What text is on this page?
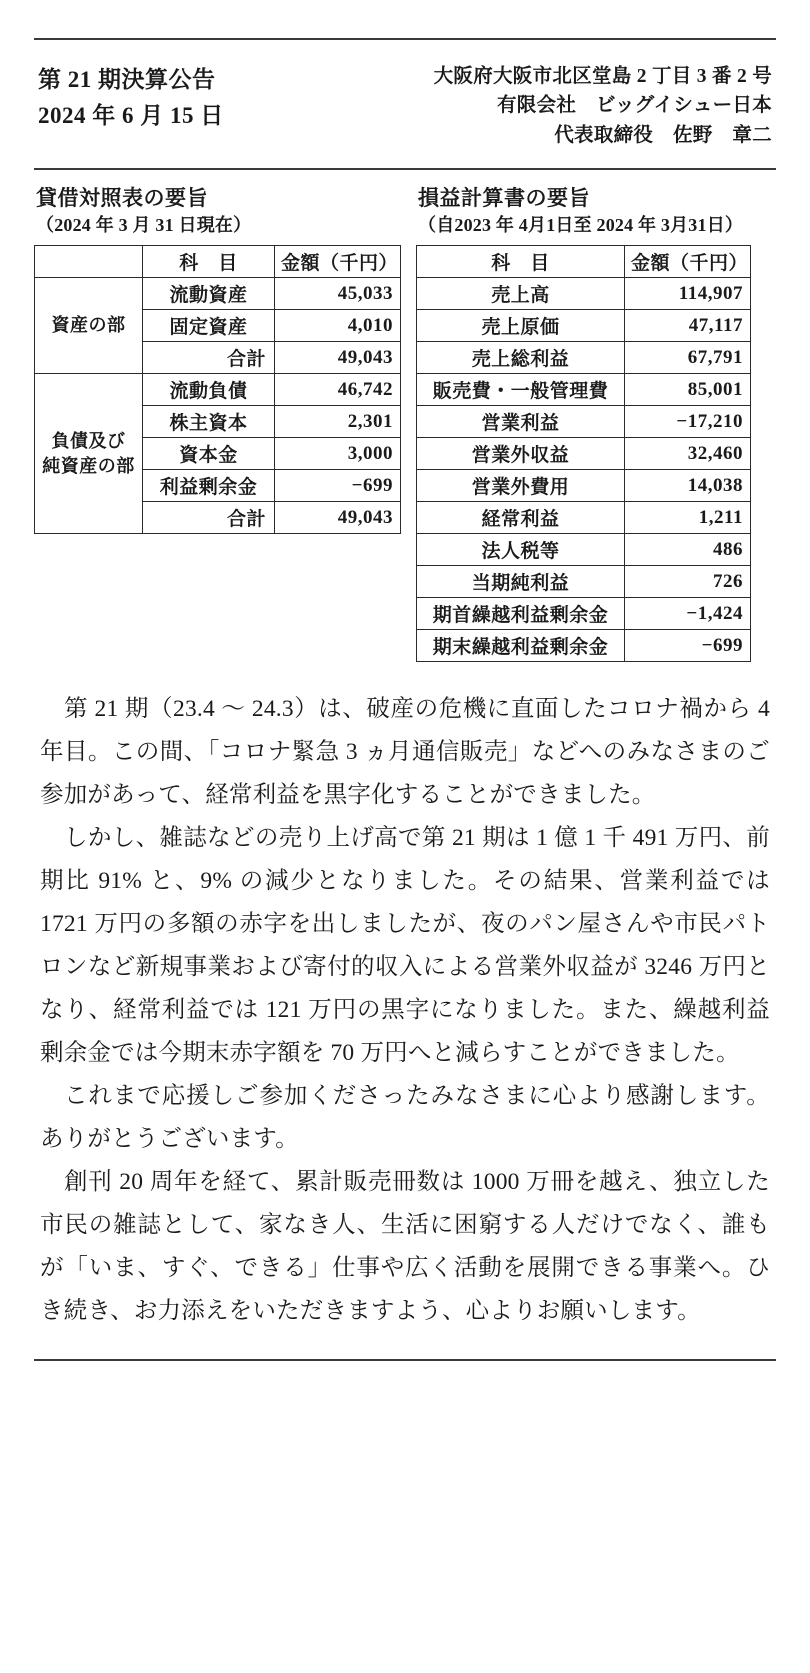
第 21 期決算公告
2024 年 6 月 15 日
大阪府大阪市北区堂島 2 丁目 3 番 2 号
有限会社　ビッグイシュー日本
代表取締役　佐野　章二
貸借対照表の要旨
（2024 年 3 月 31 日現在）
	科　目	金額（千円）
資産の部	流動資産	45,033
	固定資産	4,010
	合計	49,043
負債及び
純資産の部	流動負債	46,742
	株主資本	2,301
	資本金	3,000
	利益剰余金	−699
	合計	49,043
損益計算書の要旨
（自2023 年 4月1日至 2024 年 3月31日）
科　目	金額（千円）
売上高	114,907
売上原価	47,117
売上総利益	67,791
販売費・一般管理費	85,001
営業利益	−17,210
営業外収益	32,460
営業外費用	14,038
経常利益	1,211
法人税等	486
当期純利益	726
期首繰越利益剰余金	−1,424
期末繰越利益剰余金	−699

第 21 期（23.4 〜 24.3）は、破産の危機に直面したコロナ禍から 4 年目。この間、「コロナ緊急 3 ヵ月通信販売」などへのみなさまのご参加があって、経常利益を黒字化することができました。

しかし、雑誌などの売り上げ高で第 21 期は 1 億 1 千 491 万円、前期比 91% と、9% の減少となりました。その結果、営業利益では 1721 万円の多額の赤字を出しましたが、夜のパン屋さんや市民パトロンなど新規事業および寄付的収入による営業外収益が 3246 万円となり、経常利益では 121 万円の黒字になりました。また、繰越利益剰余金では今期末赤字額を 70 万円へと減らすことができました。

これまで応援しご参加くださったみなさまに心より感謝します。ありがとうございます。

創刊 20 周年を経て、累計販売冊数は 1000 万冊を越え、独立した市民の雑誌として、家なき人、生活に困窮する人だけでなく、誰もが「いま、すぐ、できる」仕事や広く活動を展開できる事業へ。ひき続き、お力添えをいただきますよう、心よりお願いします。
